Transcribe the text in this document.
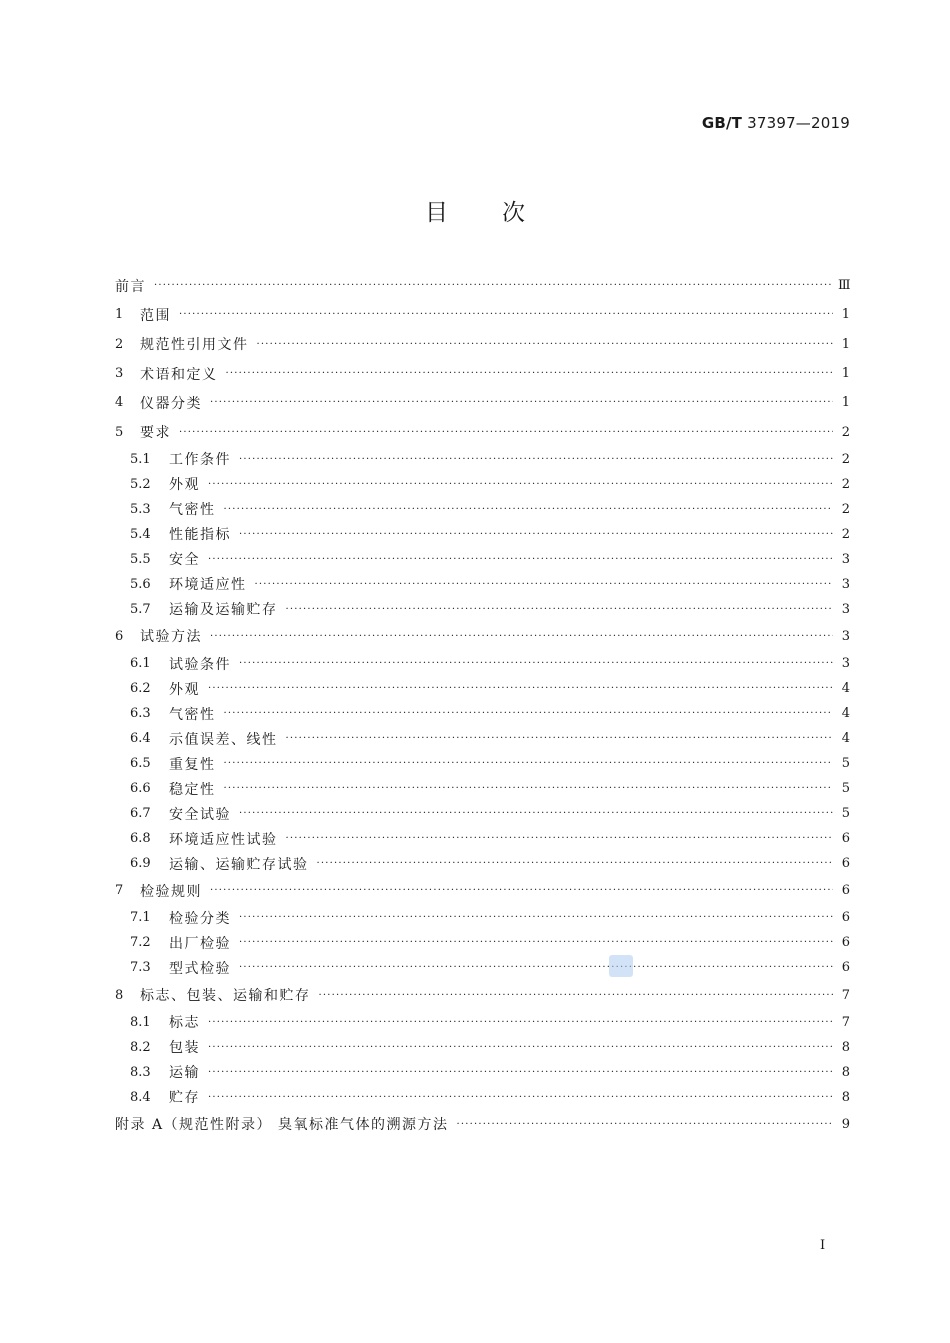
GB/T 37397—2019
目 次
前言 ·····	Ⅲ
1	范围 ·····	1
2	规范性引用文件 ·····	1
3	术语和定义 ·····	1
4	仪器分类 ·····	1
5	要求 ·····	2
5.1	工作条件 ·····	2
5.2	外观 ·····	2
5.3	气密性 ·····	2
5.4	性能指标 ·····	2
5.5	安全 ·····	3
5.6	环境适应性 ·····	3
5.7	运输及运输贮存 ·····	3
6	试验方法 ·····	3
6.1	试验条件 ·····	3
6.2	外观 ·····	4
6.3	气密性 ·····	4
6.4	示值误差、线性 ·····	4
6.5	重复性 ·····	5
6.6	稳定性 ·····	5
6.7	安全试验 ·····	5
6.8	环境适应性试验 ·····	6
6.9	运输、运输贮存试验 ·····	6
7	检验规则 ·····	6
7.1	检验分类 ·····	6
7.2	出厂检验 ·····	6
7.3	型式检验 ·····	6
8	标志、包装、运输和贮存 ·····	7
8.1	标志 ·····	7
8.2	包装 ·····	8
8.3	运输 ·····	8
8.4	贮存 ·····	8
附录 A（规范性附录） 臭氧标准气体的溯源方法 ·····	9
I
